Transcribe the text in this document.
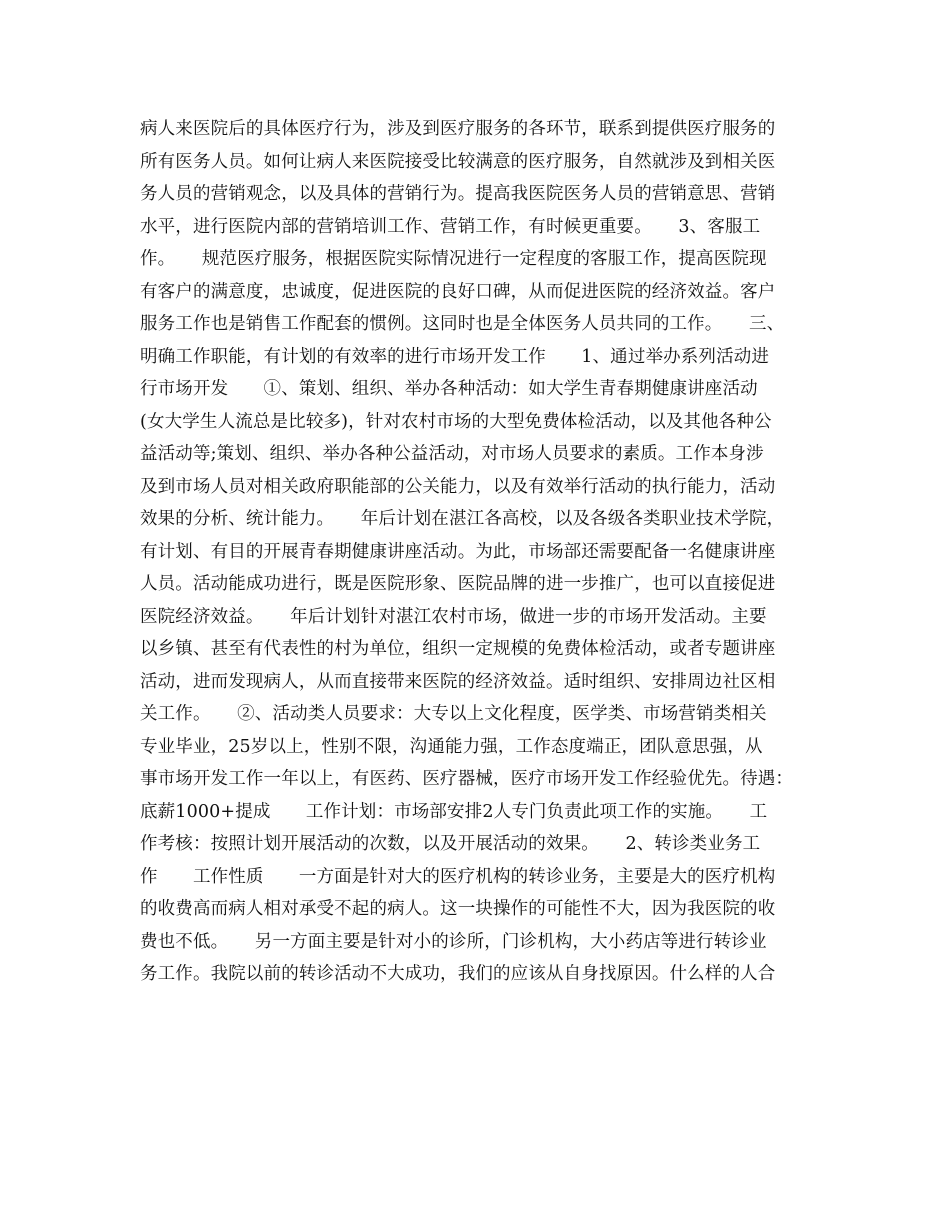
病人来医院后的具体医疗行为，涉及到医疗服务的各环节，联系到提供医疗服务的
所有医务人员。如何让病人来医院接受比较满意的医疗服务，自然就涉及到相关医
务人员的营销观念，以及具体的营销行为。提高我医院医务人员的营销意思、营销
水平，进行医院内部的营销培训工作、营销工作，有时候更重要。　　3、客服工
作。　　规范医疗服务，根据医院实际情况进行一定程度的客服工作，提高医院现
有客户的满意度，忠诚度，促进医院的良好口碑，从而促进医院的经济效益。客户
服务工作也是销售工作配套的惯例。这同时也是全体医务人员共同的工作。　　三、
明确工作职能，有计划的有效率的进行市场开发工作　　1、通过举办系列活动进
行市场开发　　①、策划、组织、举办各种活动：如大学生青春期健康讲座活动
(女大学生人流总是比较多)，针对农村市场的大型免费体检活动，以及其他各种公
益活动等;策划、组织、举办各种公益活动，对市场人员要求的素质。工作本身涉
及到市场人员对相关政府职能部的公关能力，以及有效举行活动的执行能力，活动
效果的分析、统计能力。　　年后计划在湛江各高校，以及各级各类职业技术学院，
有计划、有目的开展青春期健康讲座活动。为此，市场部还需要配备一名健康讲座
人员。活动能成功进行，既是医院形象、医院品牌的进一步推广，也可以直接促进
医院经济效益。　　年后计划针对湛江农村市场，做进一步的市场开发活动。主要
以乡镇、甚至有代表性的村为单位，组织一定规模的免费体检活动，或者专题讲座
活动，进而发现病人，从而直接带来医院的经济效益。适时组织、安排周边社区相
关工作。　　②、活动类人员要求：大专以上文化程度，医学类、市场营销类相关
专业毕业，25岁以上，性别不限，沟通能力强，工作态度端正，团队意思强，从
事市场开发工作一年以上，有医药、医疗器械，医疗市场开发工作经验优先。待遇：
底薪1000+提成　　工作计划：市场部安排2人专门负责此项工作的实施。　　工
作考核：按照计划开展活动的次数，以及开展活动的效果。　　2、转诊类业务工
作　　工作性质　　一方面是针对大的医疗机构的转诊业务，主要是大的医疗机构
的收费高而病人相对承受不起的病人。这一块操作的可能性不大，因为我医院的收
费也不低。　　另一方面主要是针对小的诊所，门诊机构，大小药店等进行转诊业
务工作。我院以前的转诊活动不大成功，我们的应该从自身找原因。什么样的人合
